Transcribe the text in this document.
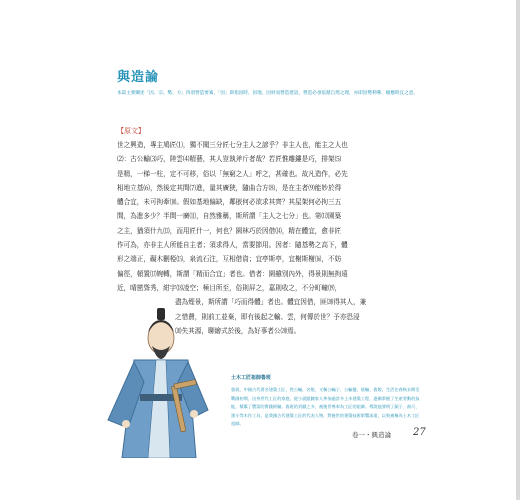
與造論
本篇主要闡述「因、宗、勢、方」四項營造要素，「因」即指因時、因地、因材而營造建設，營造必須依循自然之理，亦即因勢利導、順應時宜之意。
【原文】
世之興造，專主鳩匠⑴，獨不聞三分匠七分主人之諺乎？非主人也，能主之人也
⑵：古公輸⑶巧，陸雲⑷精藝，其人豈執斧斤者哉？若匠惟雕鏤是巧，排架⑸
是精，一梯一柱，定不可移，俗以「無窮之人」呼之，甚確也。故凡造作，必先
相地立基⑹，然後定其間⑺進，量其廣狹，隨曲合方⑻，是在主者⑼能妙於得
體合宜，未可拘牽⑽。假如基地偏缺，鄰嵌何必欲求其齊？其屋架何必拘三五
間，為進多少？半間一廣⑾，自然雅稱，斯所謂「主人之七分」也。第⑿園築
之主，猶須什九⒀，而用匠什一，何也？園林巧於因借⒁，精在體宜，愈非匠
作可為，亦非主人所能自主者；須求得人，當要節用。因者：隨基勢之高下，體
形之端正，礙木刪椏⒂，泉流石注，互相借資；宜亭斯亭，宜榭斯榭⒃，不妨
偏徑，頓置⒄婉轉，斯謂「精而合宜」者也。借者：園雖別內外，得景則無拘遠
近，晴巒聳秀，紺宇⒅凌空；極目所至，俗則屏之，嘉則收之，不分町疃⒆，
盡為煙景，斯所謂「巧而得體」者也。體宜因借，匪⒇得其人，兼
之惜費，則前工並棄，即有後起之輸、雲，何傳於世？予亦恐浸
⒇失其源，聊繪式於後，為好事者公⒇焉。
土木工匠祖師魯班
魯班，中國古代著名建築工匠，姓公輸，名般，又稱公輸子、公輸盤、班輸、魯般，生活在春秋末期至戰國初期，出身世代工匠的家庭，從小就跟隨家人參加過許多土木建築工程，逐漸掌握了生產勞動的技能，積累了豐富的實踐經驗。魯班的貢獻之多，被後世尊奉為工匠的祖師。傳說他發明了鋸子、曲尺、墨斗等木作工具，是我國古代建築工匠的代表人物，對後世的建築技術影響深遠，以致被稱為土木工匠祖師。
卷一・興造論 27
